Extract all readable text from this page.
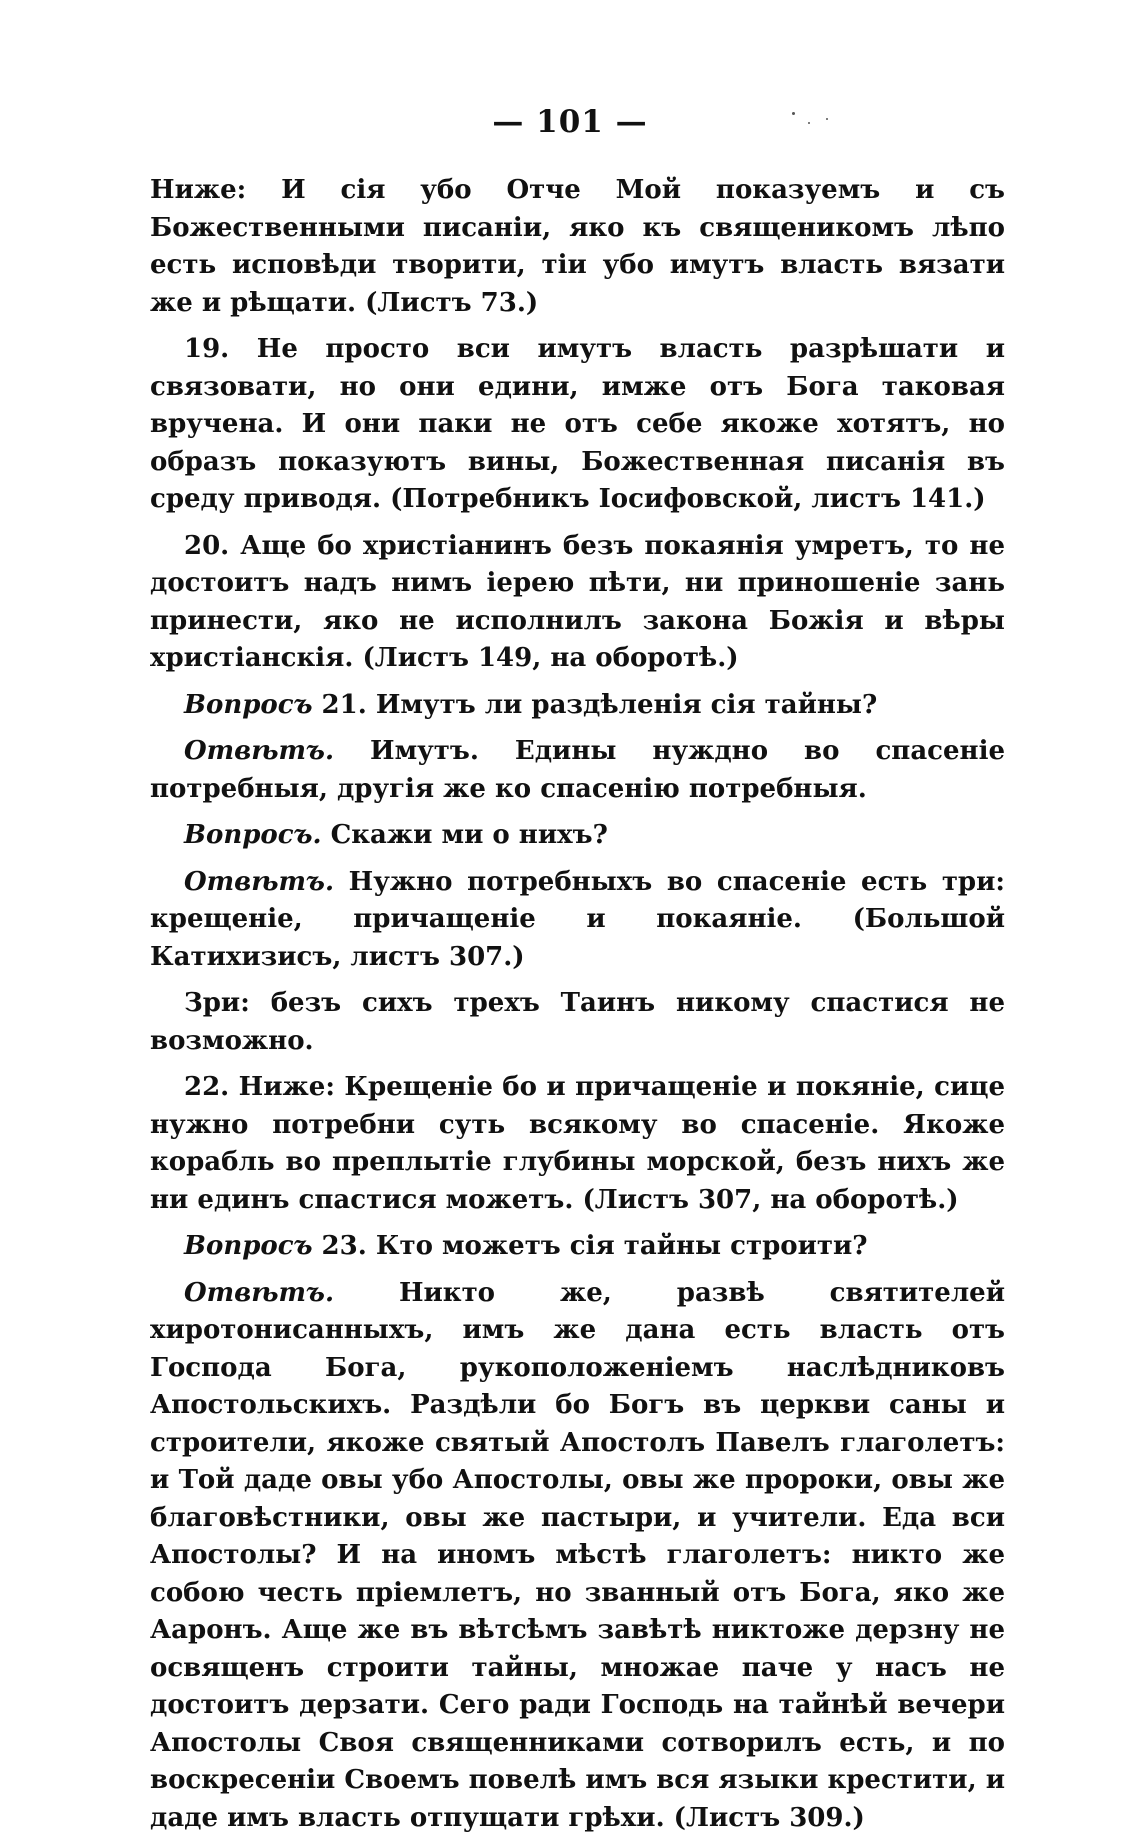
— 101 —

Ниже: И сія убо Отче Мой показуемъ и съ Божественными писаніи, яко къ священикомъ лѣпо есть исповѣди творити, тіи убо имутъ власть вязати же и рѣщати. (Листъ 73.)

19. Не просто вси имутъ власть разрѣшати и связовати, но они едини, имже отъ Бога таковая вручена. И они паки не отъ себе якоже хотятъ, но образъ показуютъ вины, Божественная писанія въ среду приводя. (Потребникъ Іосифовской, листъ 141.)

20. Аще бо христіанинъ безъ покаянія умретъ, то не достоитъ надъ нимъ іерею пѣти, ни приношеніе зань принести, яко не исполнилъ закона Божія и вѣры христіанскія. (Листъ 149, на оборотѣ.)

Вопросъ 21. Имутъ ли раздѣленія сія тайны?

Отвѣтъ. Имутъ. Едины нуждно во спасеніе потребныя, другія же ко спасенію потребныя.

Вопросъ. Скажи ми о нихъ?

Отвѣтъ. Нужно потребныхъ во спасеніе есть три: крещеніе, причащеніе и покаяніе. (Большой Катихизисъ, листъ 307.)

Зри: безъ сихъ трехъ Таинъ никому спастися не возможно.

22. Ниже: Крещеніе бо и причащеніе и покяніе, сице нужно потребни суть всякому во спасеніе. Якоже корабль во преплытіе глубины морской, безъ нихъ же ни единъ спастися можетъ. (Листъ 307, на оборотѣ.)

Вопросъ 23. Кто можетъ сія тайны строити?

Отвѣтъ. Никто же, развѣ святителей хиротонисанныхъ, имъ же дана есть власть отъ Господа Бога, рукоположеніемъ наслѣдниковъ Апостольскихъ. Раздѣли бо Богъ въ церкви саны и строители, якоже святый Апостолъ Павелъ глаголетъ: и Той даде овы убо Апостолы, овы же пророки, овы же благовѣстники, овы же пастыри, и учители. Еда вси Апостолы? И на иномъ мѣстѣ глаголетъ: никто же собою честь пріемлетъ, но званный отъ Бога, яко же Ааронъ. Аще же въ вѣтсѣмъ завѣтѣ никтоже дерзну не освященъ строити тайны, множае паче у насъ не достоитъ дерзати. Сего ради Господь на тайнѣй вечери Апостолы Своя священниками сотворилъ есть, и по воскресеніи Своемъ повелѣ имъ вся языки крестити, и даде имъ власть отпущати грѣхи. (Листъ 309.)
